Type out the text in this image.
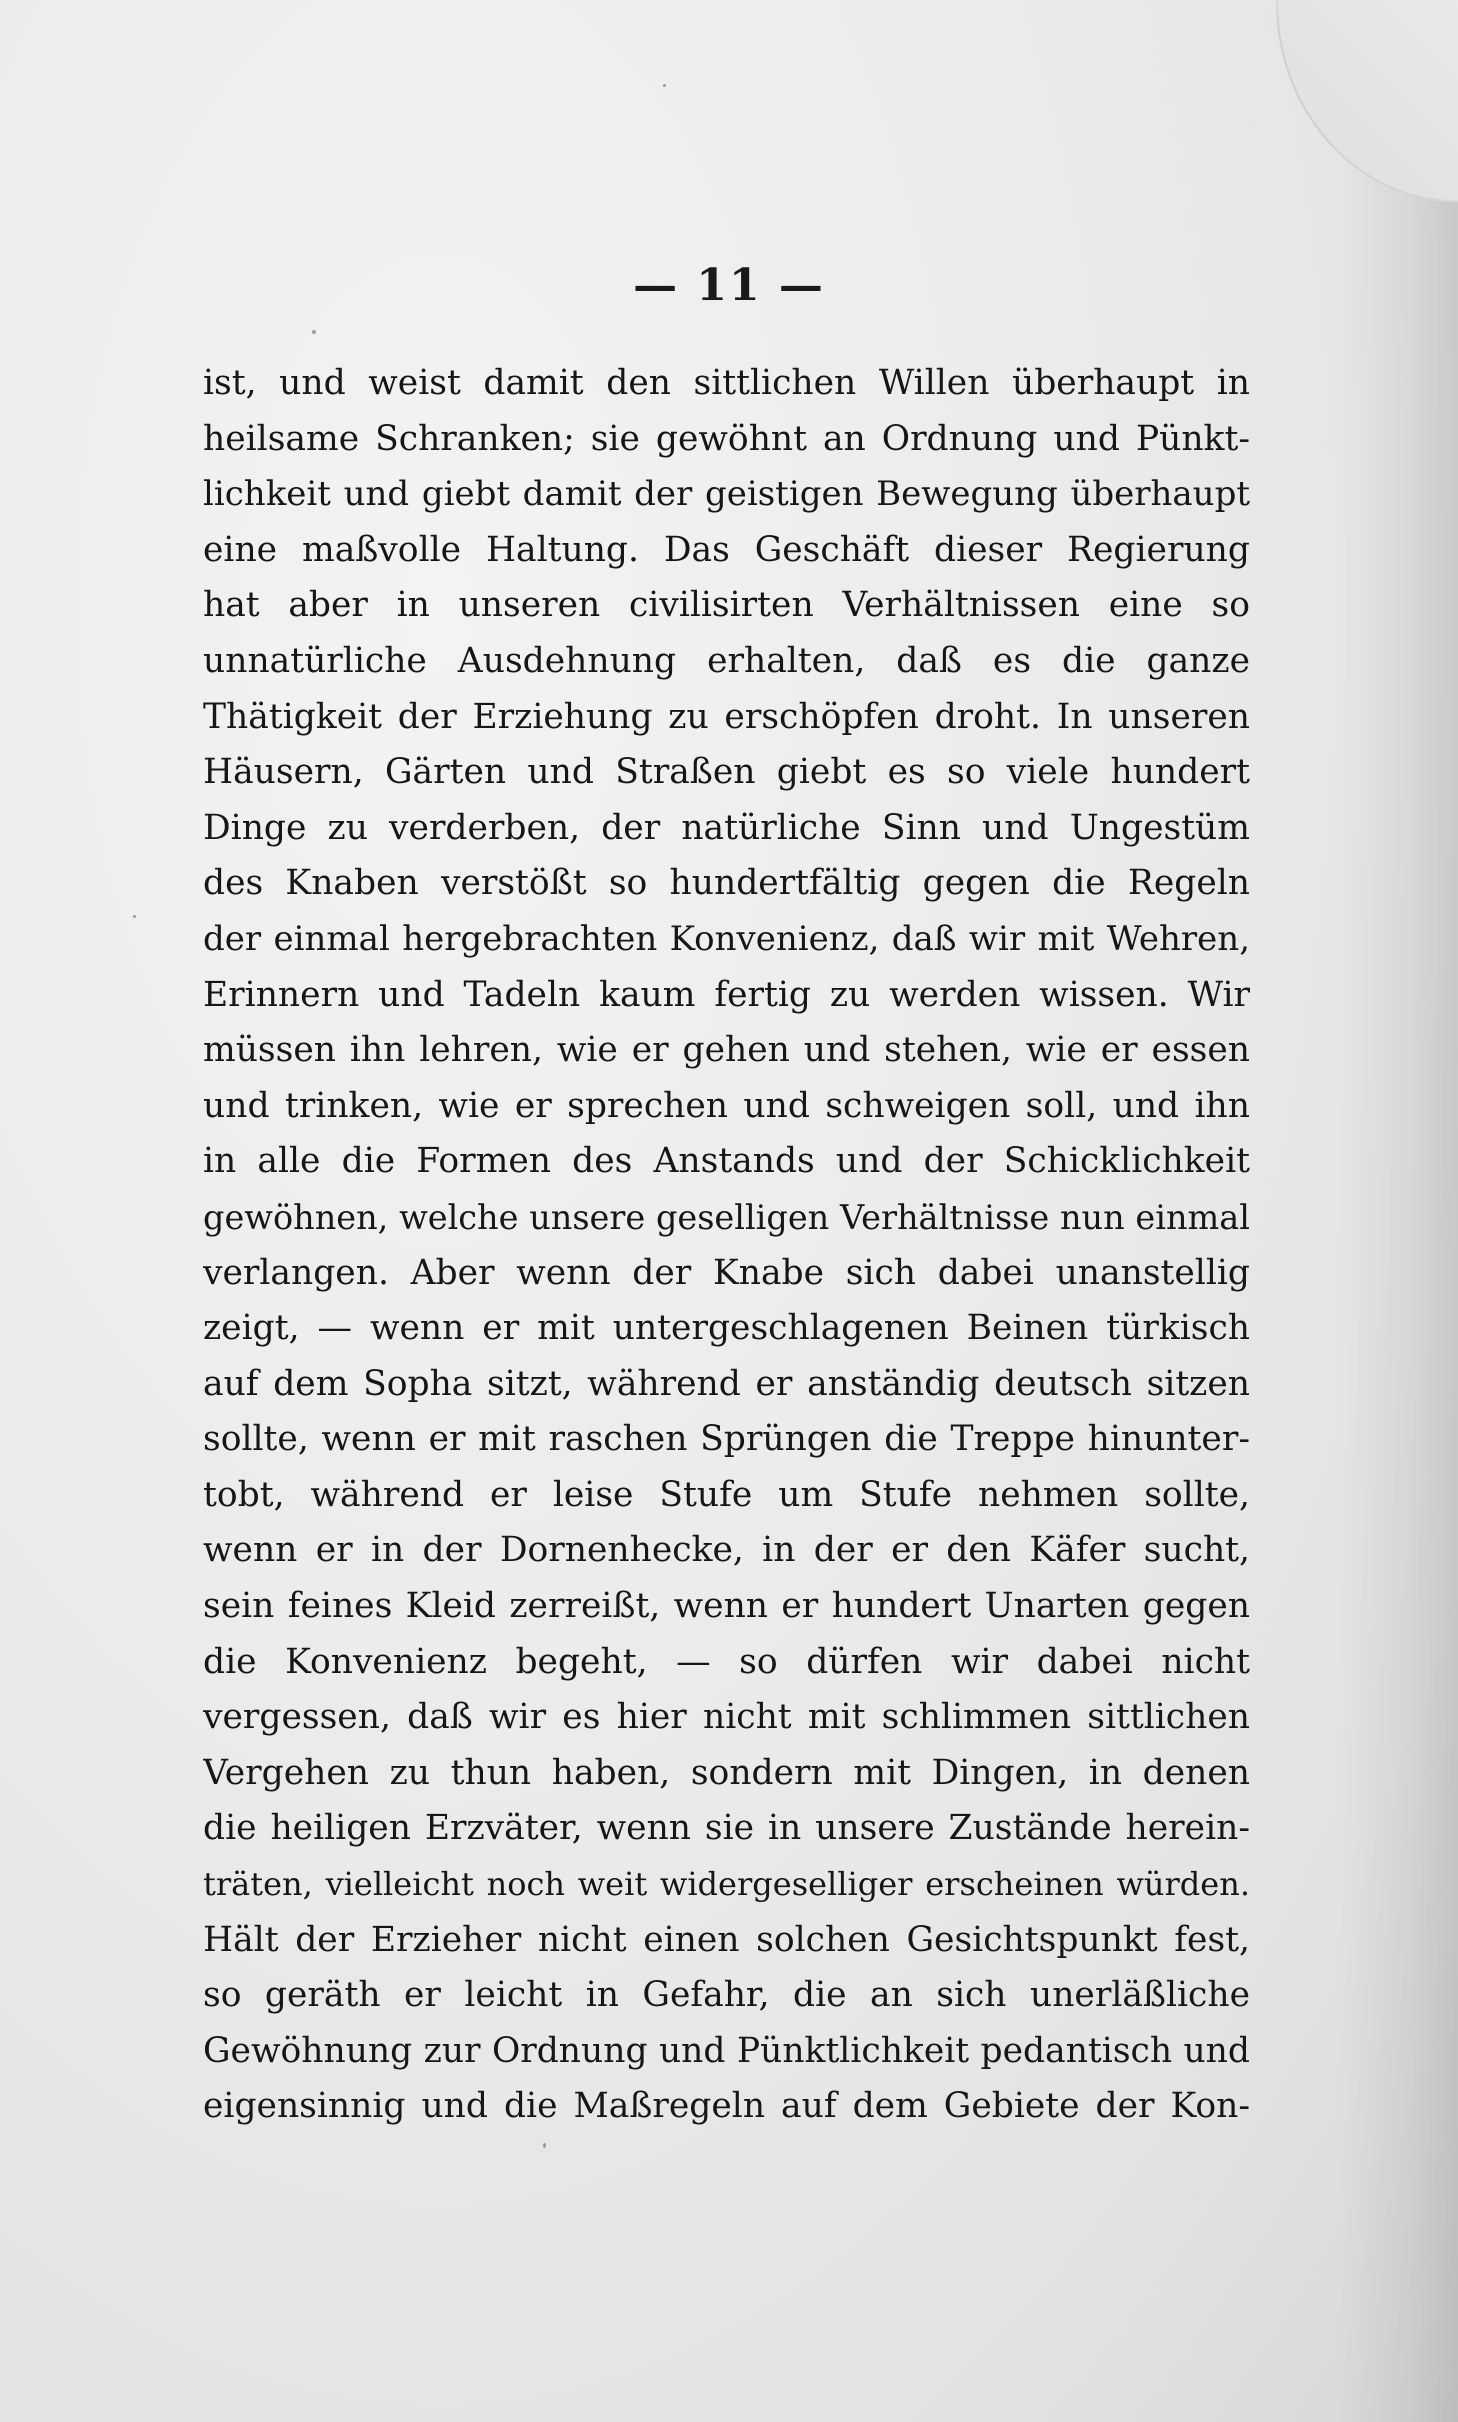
— 11 —
ist, und weist damit den sittlichen Willen überhaupt in
heilsame Schranken; sie gewöhnt an Ordnung und Pünkt-
lichkeit und giebt damit der geistigen Bewegung überhaupt
eine maßvolle Haltung. Das Geschäft dieser Regierung
hat aber in unseren civilisirten Verhältnissen eine so
unnatürliche Ausdehnung erhalten, daß es die ganze
Thätigkeit der Erziehung zu erschöpfen droht. In unseren
Häusern, Gärten und Straßen giebt es so viele hundert
Dinge zu verderben, der natürliche Sinn und Ungestüm
des Knaben verstößt so hundertfältig gegen die Regeln
der einmal hergebrachten Konvenienz, daß wir mit Wehren,
Erinnern und Tadeln kaum fertig zu werden wissen. Wir
müssen ihn lehren, wie er gehen und stehen, wie er essen
und trinken, wie er sprechen und schweigen soll, und ihn
in alle die Formen des Anstands und der Schicklichkeit
gewöhnen, welche unsere geselligen Verhältnisse nun einmal
verlangen. Aber wenn der Knabe sich dabei unanstellig
zeigt, — wenn er mit untergeschlagenen Beinen türkisch
auf dem Sopha sitzt, während er anständig deutsch sitzen
sollte, wenn er mit raschen Sprüngen die Treppe hinunter-
tobt, während er leise Stufe um Stufe nehmen sollte,
wenn er in der Dornenhecke, in der er den Käfer sucht,
sein feines Kleid zerreißt, wenn er hundert Unarten gegen
die Konvenienz begeht, — so dürfen wir dabei nicht
vergessen, daß wir es hier nicht mit schlimmen sittlichen
Vergehen zu thun haben, sondern mit Dingen, in denen
die heiligen Erzväter, wenn sie in unsere Zustände herein-
träten, vielleicht noch weit widergeselliger erscheinen würden.
Hält der Erzieher nicht einen solchen Gesichtspunkt fest,
so geräth er leicht in Gefahr, die an sich unerläßliche
Gewöhnung zur Ordnung und Pünktlichkeit pedantisch und
eigensinnig und die Maßregeln auf dem Gebiete der Kon-
